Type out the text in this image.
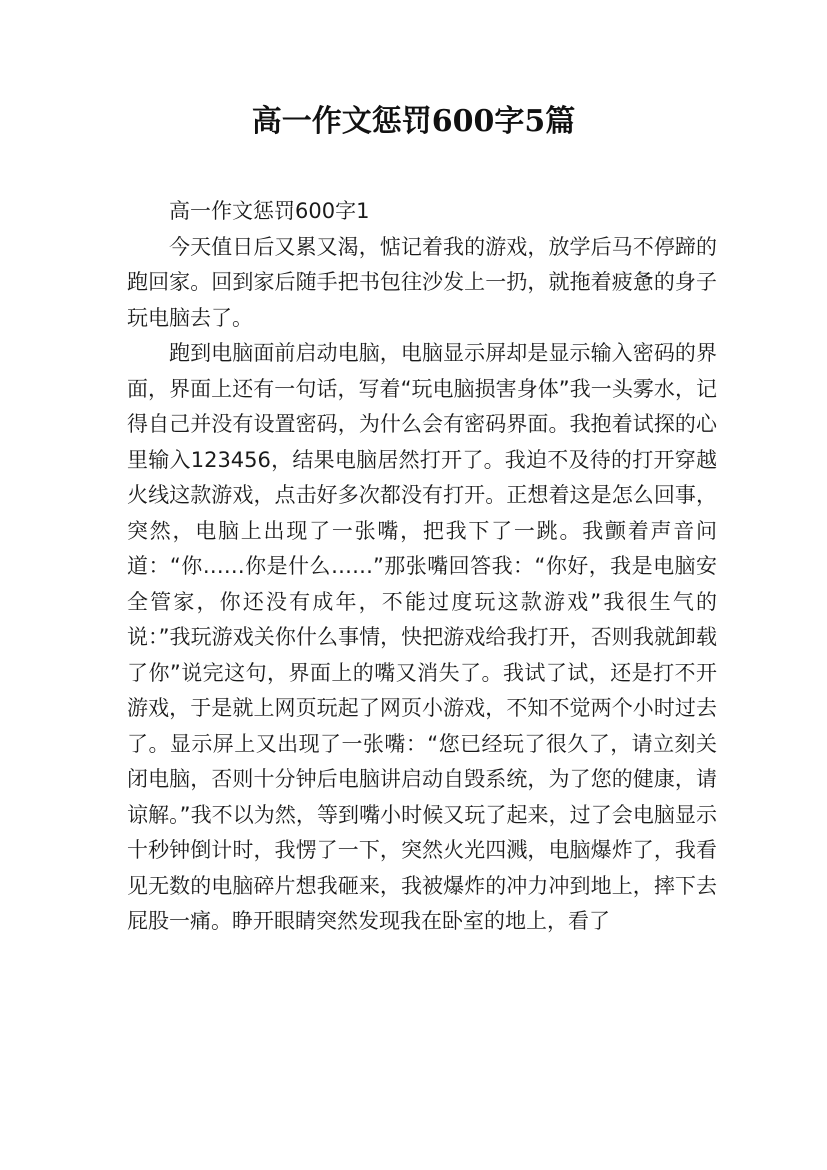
高一作文惩罚600字5篇

高一作文惩罚600字1

今天值日后又累又渴，惦记着我的游戏，放学后马不停蹄的跑回家。回到家后随手把书包往沙发上一扔，就拖着疲惫的身子玩电脑去了。

跑到电脑面前启动电脑，电脑显示屏却是显示输入密码的界面，界面上还有一句话，写着“玩电脑损害身体”我一头雾水，记得自己并没有设置密码，为什么会有密码界面。我抱着试探的心里输入123456，结果电脑居然打开了。我迫不及待的打开穿越火线这款游戏，点击好多次都没有打开。正想着这是怎么回事，突然，电脑上出现了一张嘴，把我下了一跳。我颤着声音问道：“你……你是什么……”那张嘴回答我：“你好，我是电脑安全管家，你还没有成年，不能过度玩这款游戏”我很生气的说：”我玩游戏关你什么事情，快把游戏给我打开，否则我就卸载了你”说完这句，界面上的嘴又消失了。我试了试，还是打不开游戏，于是就上网页玩起了网页小游戏，不知不觉两个小时过去了。显示屏上又出现了一张嘴：“您已经玩了很久了，请立刻关闭电脑，否则十分钟后电脑讲启动自毁系统，为了您的健康，请谅解。”我不以为然，等到嘴小时候又玩了起来，过了会电脑显示十秒钟倒计时，我愣了一下，突然火光四溅，电脑爆炸了，我看见无数的电脑碎片想我砸来，我被爆炸的冲力冲到地上，摔下去屁股一痛。睁开眼睛突然发现我在卧室的地上，看了
